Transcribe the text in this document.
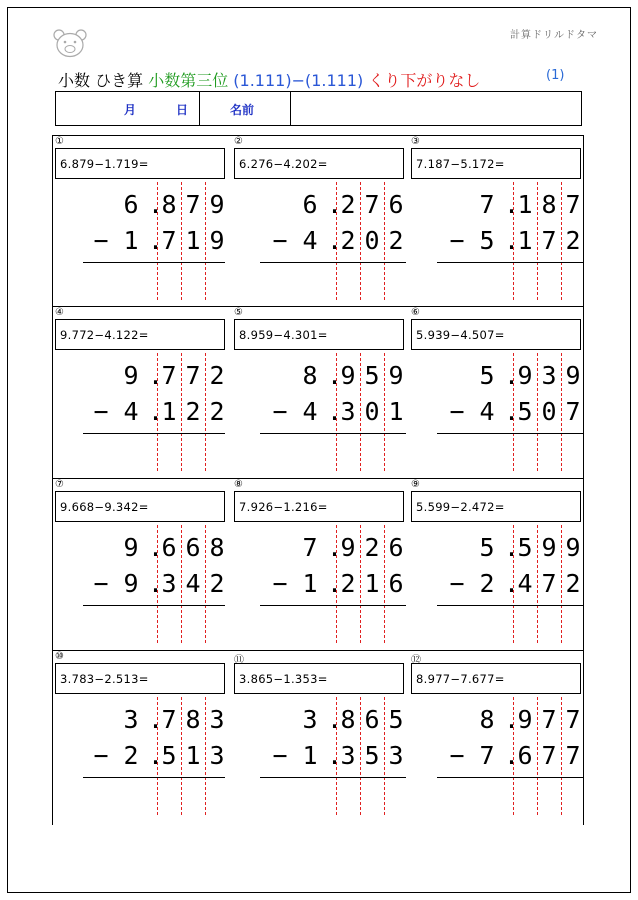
計算ドリルドタマ
小数 ひき算 小数第三位 (1.111)−(1.111) くり下がりなし	(1)
月	日	名前
①
6.879−1.719=
6 .
8 7 9
− 1 .
7 1 9
②
6.276−4.202=
6 .
2 7 6
− 4 .
2 0 2
③
7.187−5.172=
7 .
1 8 7
− 5 .
1 7 2
④
9.772−4.122=
9 .
7 7 2
− 4 .
1 2 2
⑤
8.959−4.301=
8 .
9 5 9
− 4 .
3 0 1
⑥
5.939−4.507=
5 .
9 3 9
− 4 .
5 0 7
⑦
9.668−9.342=
9 .
6 6 8
− 9 .
3 4 2
⑧
7.926−1.216=
7 .
9 2 6
− 1 .
2 1 6
⑨
5.599−2.472=
5 .
5 9 9
− 2 .
4 7 2
⑩
3.783−2.513=
3 .
7 8 3
− 2 .
5 1 3
⑪
3.865−1.353=
3 .
8 6 5
− 1 .
3 5 3
⑫
8.977−7.677=
8 .
9 7 7
− 7 .
6 7 7
